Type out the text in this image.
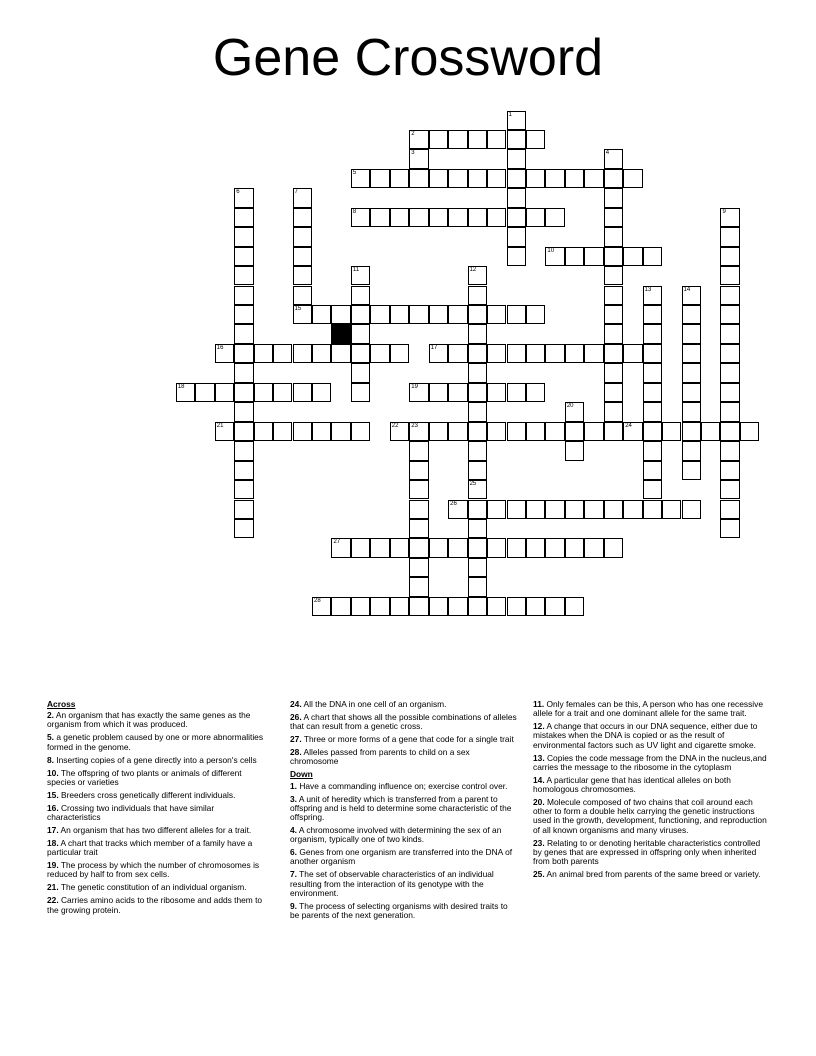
Gene Crossword
2
5
8
10
15
16	17
18	19
21	22 23	24
26
27
28
1
3	4
6	7
9
11	12
25
13	14
20
Across
2. An organism that has exactly the same genes as the organism from which it was produced.
5. a genetic problem caused by one or more abnormalities formed in the genome.
8. Inserting copies of a gene directly into a person's cells
10. The offspring of two plants or animals of different species or varieties
15. Breeders cross genetically different individuals.
16. Crossing two individuals that have similar characteristics
17. An organism that has two different alleles for a trait.
18. A chart that tracks which member of a family have a particular trait
19. The process by which the number of chromosomes is reduced by half to from sex cells.
21. The genetic constitution of an individual organism.
22. Carries amino acids to the ribosome and adds them to the growing protein.
24. All the DNA in one cell of an organism.
26. A chart that shows all the possible combinations of alleles that can result from a genetic cross.
27. Three or more forms of a gene that code for a single trait
28. Alleles passed from parents to child on a sex chromosome
Down
1. Have a commanding influence on; exercise control over.
3. A unit of heredity which is transferred from a parent to offspring and is held to determine some characteristic of the offspring.
4. A chromosome involved with determining the sex of an organism, typically one of two kinds.
6. Genes from one organism are transferred into the DNA of another organism
7. The set of observable characteristics of an individual resulting from the interaction of its genotype with the environment.
9. The process of selecting organisms with desired traits to be parents of the next generation.
11. Only females can be this, A person who has one recessive allele for a trait and one dominant allele for the same trait.
12. A change that occurs in our DNA sequence, either due to mistakes when the DNA is copied or as the result of environmental factors such as UV light and cigarette smoke.
13. Copies the code message from the DNA in the nucleus,and carries the message to the ribosome in the cytoplasm
14. A particular gene that has identical alleles on both homologous chromosomes.
20. Molecule composed of two chains that coil around each other to form a double helix carrying the genetic instructions used in the growth, development, functioning, and reproduction of all known organisms and many viruses.
23. Relating to or denoting heritable characteristics controlled by genes that are expressed in offspring only when inherited from both parents
25. An animal bred from parents of the same breed or variety.
